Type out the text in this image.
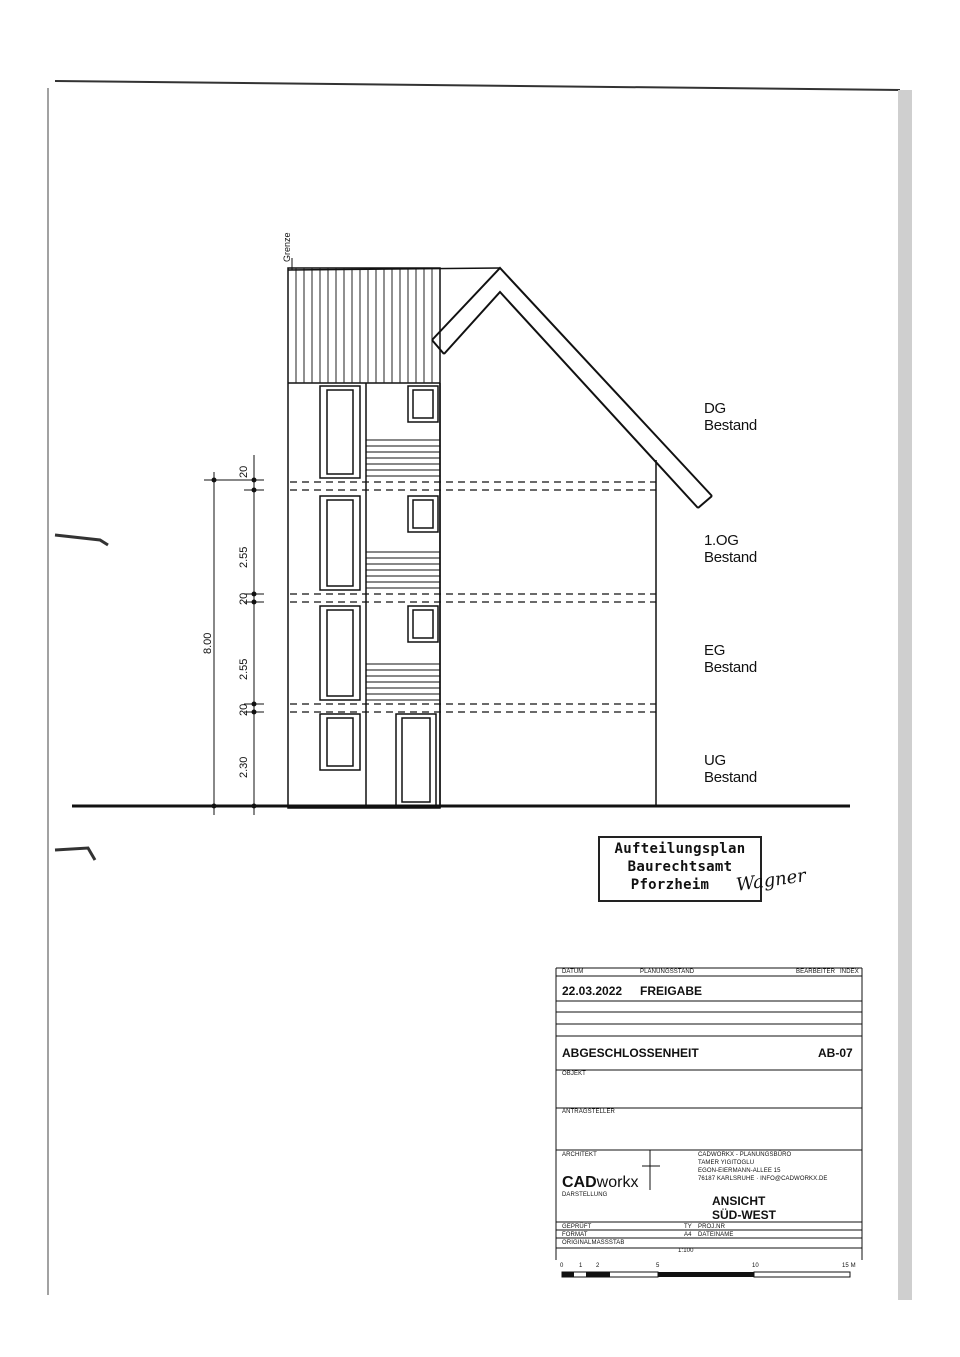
Grenze
8.00
20
2.55
20
2.55
20
2.30
DG
Bestand
1.OG
Bestand
EG
Bestand
UG
Bestand
Aufteilungsplan
Baurechtsamt
Pforzheim	Wagner
DATUM	PLANUNGSSTAND	BEARBEITER INDEX
22.03.2022 FREIGABE
ABGESCHLOSSENHEIT	AB-07
OBJEKT
ANTRAGSTELLER
ARCHITEKT	CADWORKX - PLANUNGSBÜRO
TAMER YIGITOGLU
EGON-EIERMANN-ALLEE 15
76187 KARLSRUHE · INFO@CADWORKX.DE
CADworkx
DARSTELLUNG	ANSICHT
SÜD-WEST
GEPRÜFT	TY PROJ.NR
FORMAT	A4 DATEINAME
ORIGINALMASSSTAB
1:100
0	1 2	5	10	15 M
